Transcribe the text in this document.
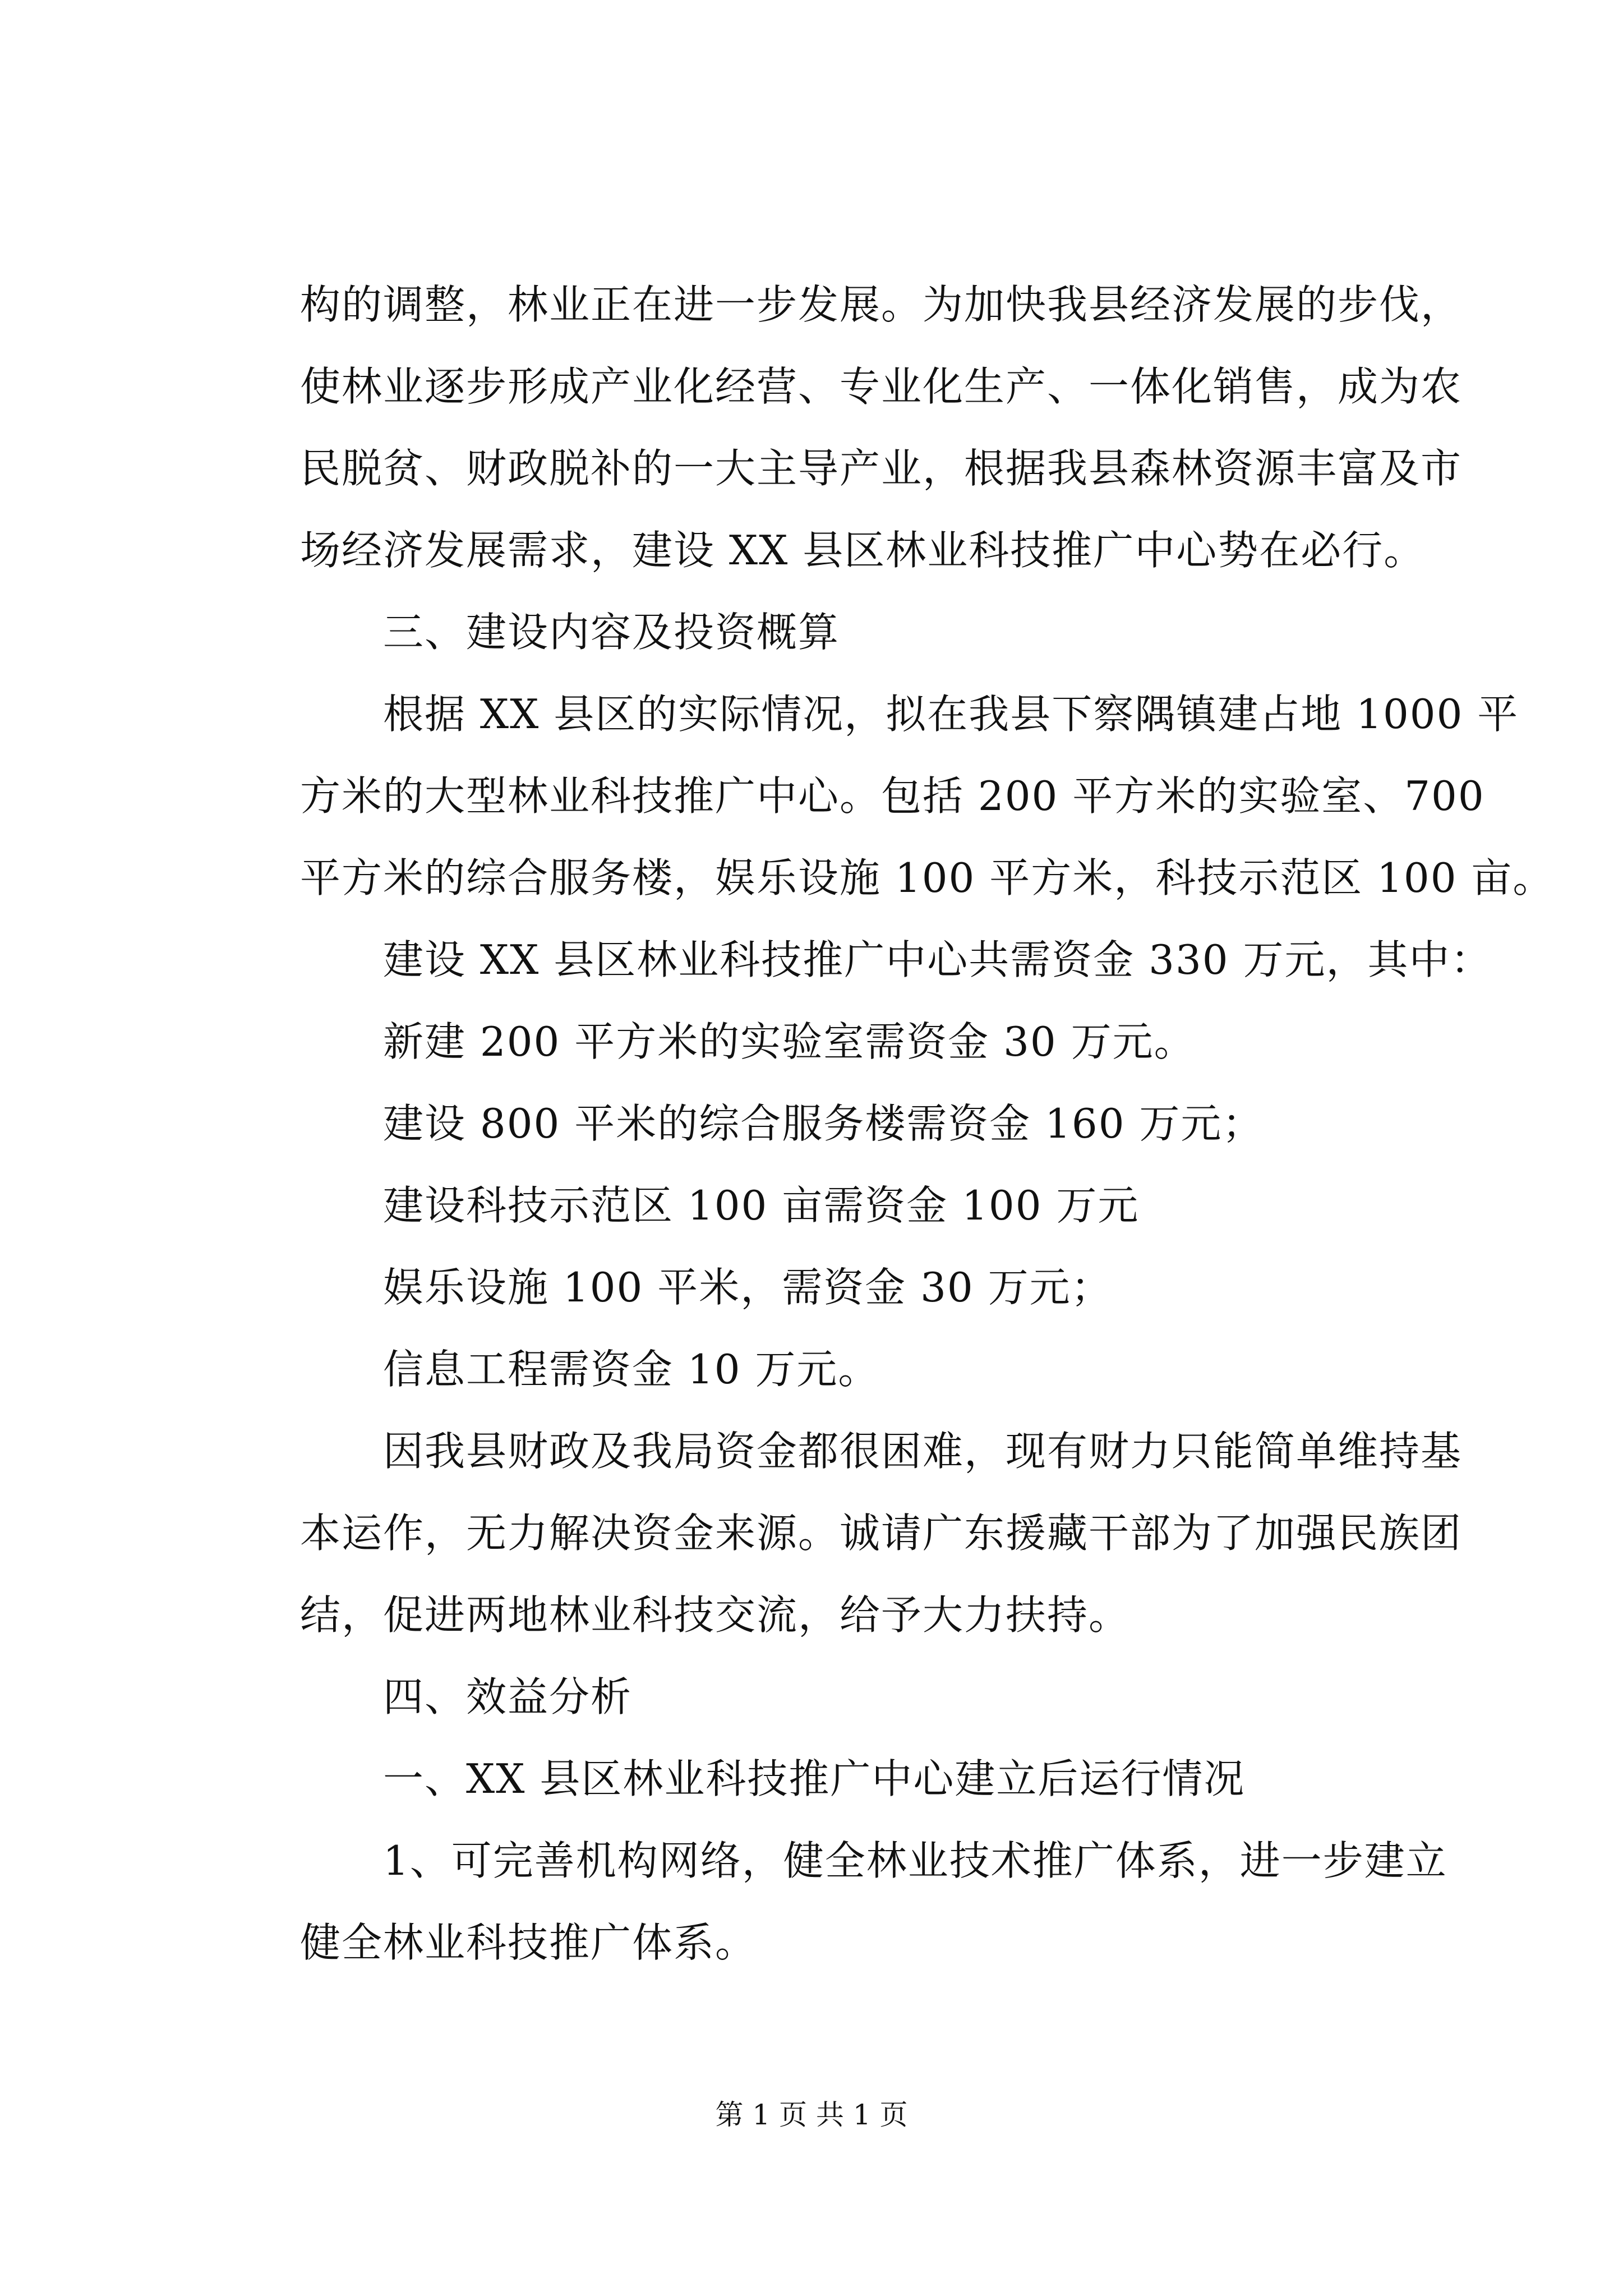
构的调整，林业正在进一步发展。为加快我县经济发展的步伐，
使林业逐步形成产业化经营、专业化生产、一体化销售，成为农
民脱贫、财政脱补的一大主导产业，根据我县森林资源丰富及市
场经济发展需求，建设 XX 县区林业科技推广中心势在必行。
三、建设内容及投资概算
根据 XX 县区的实际情况，拟在我县下察隅镇建占地 1000 平
方米的大型林业科技推广中心。包括 200 平方米的实验室、700
平方米的综合服务楼，娱乐设施 100 平方米，科技示范区 100 亩。
建设 XX 县区林业科技推广中心共需资金 330 万元，其中：
新建 200 平方米的实验室需资金 30 万元。
建设 800 平米的综合服务楼需资金 160 万元；
建设科技示范区 100 亩需资金 100 万元
娱乐设施 100 平米，需资金 30 万元；
信息工程需资金 10 万元。
因我县财政及我局资金都很困难，现有财力只能简单维持基
本运作，无力解决资金来源。诚请广东援藏干部为了加强民族团
结，促进两地林业科技交流，给予大力扶持。
四、效益分析
一、XX 县区林业科技推广中心建立后运行情况
1、可完善机构网络，健全林业技术推广体系，进一步建立
健全林业科技推广体系。
第 1 页 共 1 页
